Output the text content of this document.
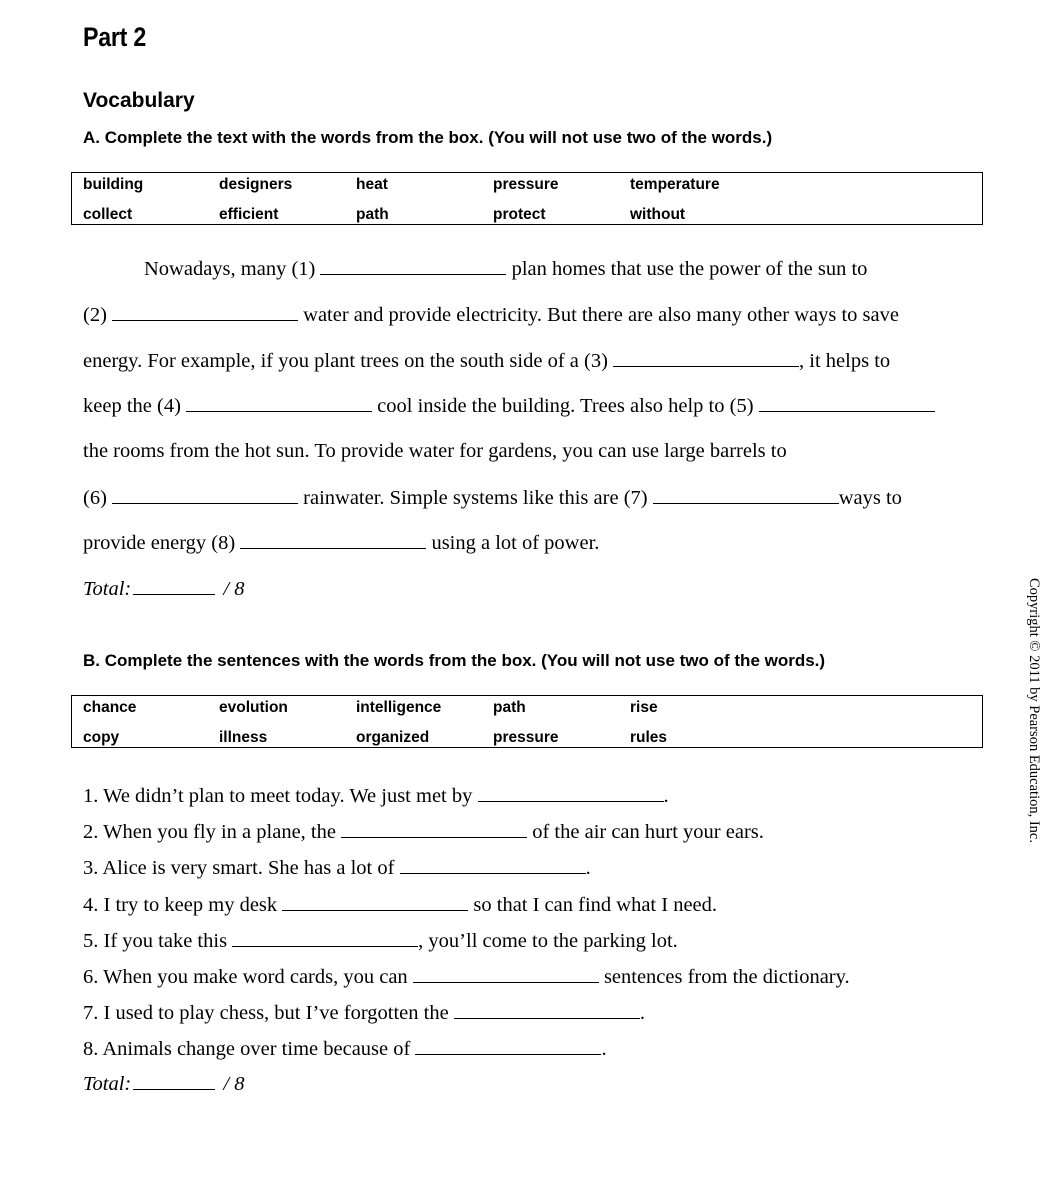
Part 2
Vocabulary
A. Complete the text with the words from the box. (You will not use two of the words.)
building	designers	heat	pressure	temperature
collect	efficient	path	protect	without
Nowadays, many (1)	plan homes that use the power of the sun to
(2)	water and provide electricity. But there are also many other ways to save
energy. For example, if you plant trees on the south side of a (3)	, it helps to
keep the (4)	cool inside the building. Trees also help to (5)
the rooms from the hot sun. To provide water for gardens, you can use large barrels to
(6)	rainwater. Simple systems like this are (7)	ways to
provide energy (8)	using a lot of power.
Total:	/ 8
B. Complete the sentences with the words from the box. (You will not use two of the words.)
chance	evolution	intelligence	path	rise
copy	illness	organized	pressure	rules
1. We didn’t plan to meet today. We just met by	.
2. When you fly in a plane, the	of the air can hurt your ears.
3. Alice is very smart. She has a lot of	.
4. I try to keep my desk	so that I can find what I need.
5. If you take this	, you’ll come to the parking lot.
6. When you make word cards, you can	sentences from the dictionary.
7. I used to play chess, but I’ve forgotten the	.
8. Animals change over time because of	.
Total:	/ 8
Copyright © 2011 by Pearson Education, Inc.
